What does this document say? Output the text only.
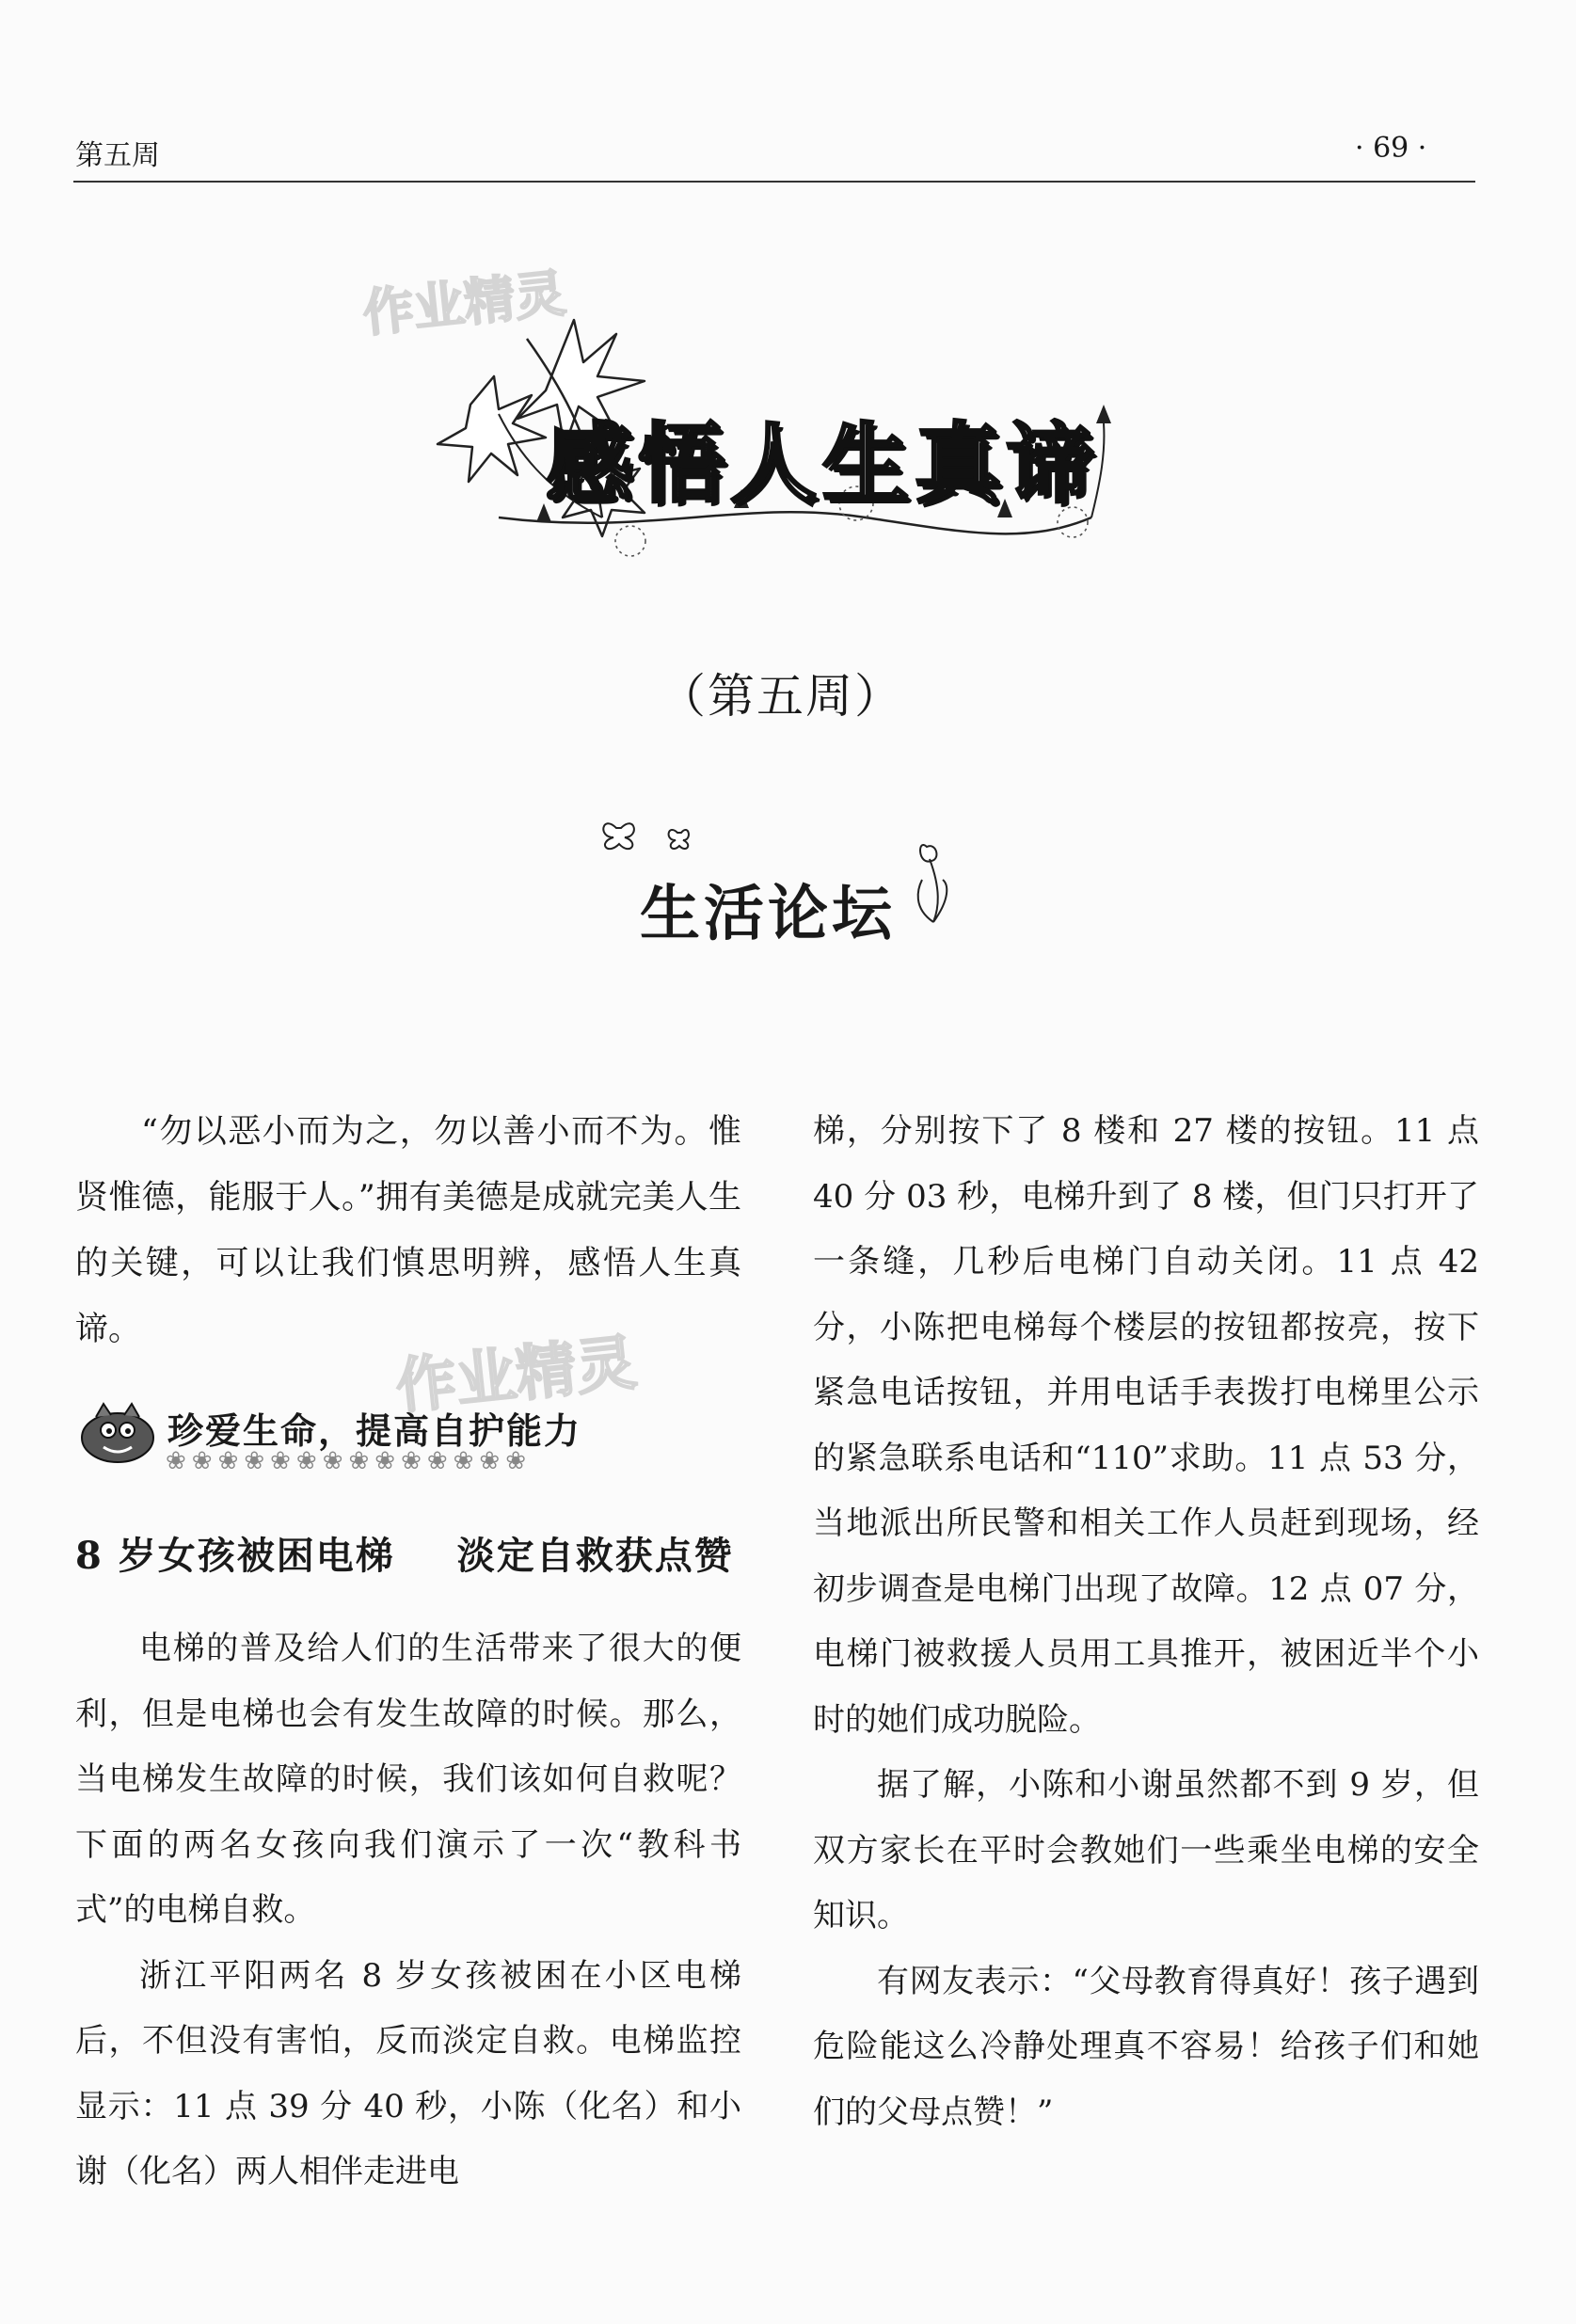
第五周	· 69 ·
作业精灵
感悟人生真谛
（第五周）
生活论坛

“勿以恶小而为之，勿以善小而不为。惟贤惟德，能服于人。”拥有美德是成就完美人生的关键，可以让我们慎思明辨，感悟人生真谛。	作业精灵
珍爱生命，提高自护能力
❀❀❀❀❀❀❀❀❀❀❀❀❀❀
8 岁女孩被困电梯 淡定自救获点赞

电梯的普及给人们的生活带来了很大的便利，但是电梯也会有发生故障的时候。那么，当电梯发生故障的时候，我们该如何自救呢？下面的两名女孩向我们演示了一次“教科书式”的电梯自救。

浙江平阳两名 8 岁女孩被困在小区电梯后，不但没有害怕，反而淡定自救。电梯监控显示：11 点 39 分 40 秒，小陈（化名）和小谢（化名）两人相伴走进电

梯，分别按下了 8 楼和 27 楼的按钮。11 点 40 分 03 秒，电梯升到了 8 楼，但门只打开了一条缝，几秒后电梯门自动关闭。11 点 42 分，小陈把电梯每个楼层的按钮都按亮，按下紧急电话按钮，并用电话手表拨打电梯里公示的紧急联系电话和“110”求助。11 点 53 分，当地派出所民警和相关工作人员赶到现场，经初步调查是电梯门出现了故障。12 点 07 分，电梯门被救援人员用工具推开，被困近半个小时的她们成功脱险。

据了解，小陈和小谢虽然都不到 9 岁，但双方家长在平时会教她们一些乘坐电梯的安全知识。

有网友表示：“父母教育得真好！孩子遇到危险能这么冷静处理真不容易！给孩子们和她们的父母点赞！”
